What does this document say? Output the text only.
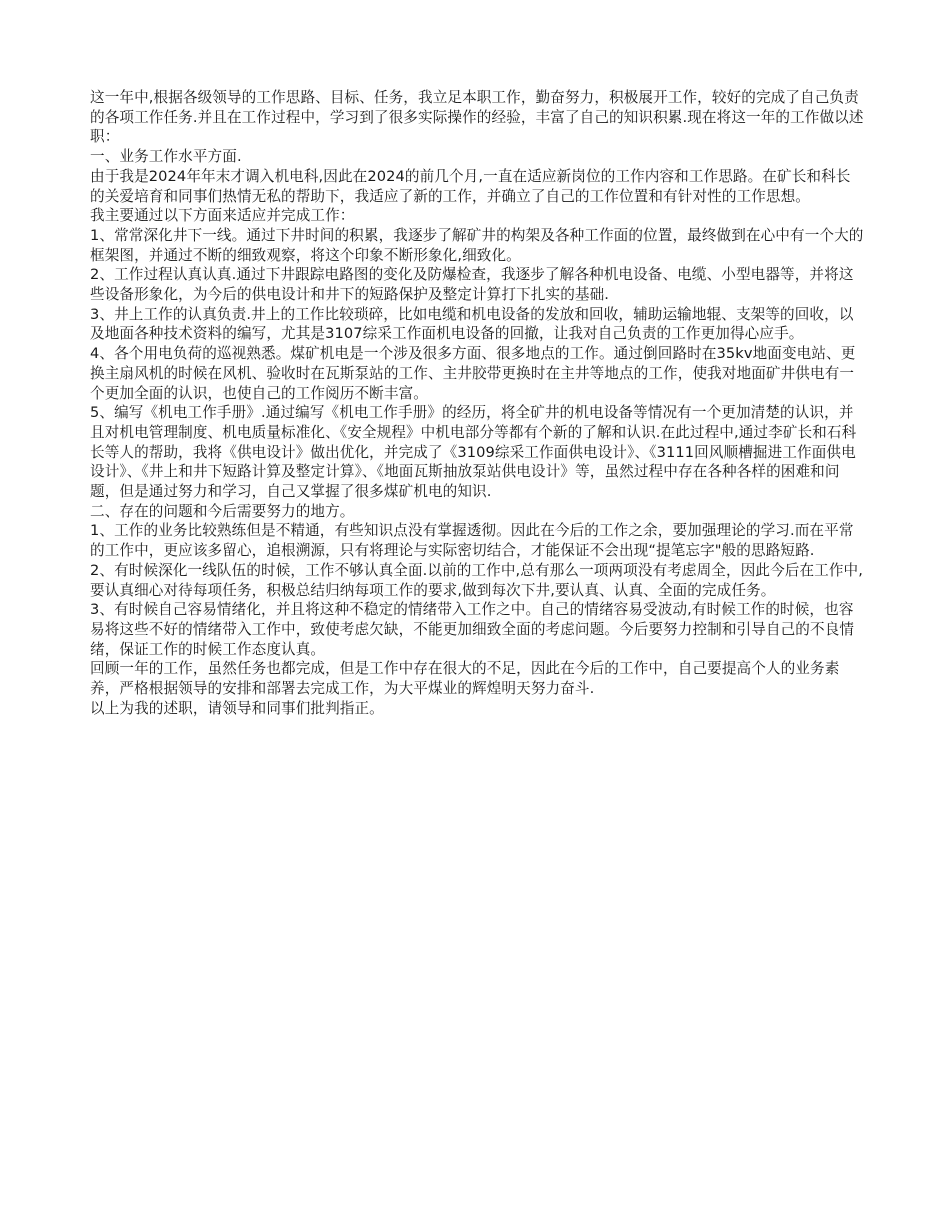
这一年中,根据各级领导的工作思路、目标、任务，我立足本职工作，勤奋努力，积极展开工作，较好的完成了自己负责的各项工作任务.并且在工作过程中，学习到了很多实际操作的经验，丰富了自己的知识积累.现在将这一年的工作做以述职：

一、业务工作水平方面.

由于我是2024年年末才调入机电科,因此在2024的前几个月,一直在适应新岗位的工作内容和工作思路。在矿长和科长的关爱培育和同事们热情无私的帮助下，我适应了新的工作，并确立了自己的工作位置和有针对性的工作思想。

我主要通过以下方面来适应并完成工作：

1、常常深化井下一线。通过下井时间的积累，我逐步了解矿井的构架及各种工作面的位置，最终做到在心中有一个大的框架图，并通过不断的细致观察，将这个印象不断形象化,细致化。

2、工作过程认真认真.通过下井跟踪电路图的变化及防爆检查，我逐步了解各种机电设备、电缆、小型电器等，并将这些设备形象化，为今后的供电设计和井下的短路保护及整定计算打下扎实的基础.

3、井上工作的认真负责.井上的工作比较琐碎，比如电缆和机电设备的发放和回收，辅助运输地辊、支架等的回收，以及地面各种技术资料的编写，尤其是3107综采工作面机电设备的回撤，让我对自己负责的工作更加得心应手。

4、各个用电负荷的巡视熟悉。煤矿机电是一个涉及很多方面、很多地点的工作。通过倒回路时在35kv地面变电站、更换主扇风机的时候在风机、验收时在瓦斯泵站的工作、主井胶带更换时在主井等地点的工作，使我对地面矿井供电有一个更加全面的认识，也使自己的工作阅历不断丰富。

5、编写《机电工作手册》.通过编写《机电工作手册》的经历，将全矿井的机电设备等情况有一个更加清楚的认识，并且对机电管理制度、机电质量标准化、《安全规程》中机电部分等都有个新的了解和认识.在此过程中,通过李矿长和石科长等人的帮助，我将《供电设计》做出优化，并完成了《3109综采工作面供电设计》、《3111回风顺槽掘进工作面供电设计》、《井上和井下短路计算及整定计算》、《地面瓦斯抽放泵站供电设计》等，虽然过程中存在各种各样的困难和问题，但是通过努力和学习，自己又掌握了很多煤矿机电的知识.

二、存在的问题和今后需要努力的地方。

1、工作的业务比较熟练但是不精通，有些知识点没有掌握透彻。因此在今后的工作之余，要加强理论的学习.而在平常的工作中，更应该多留心，追根溯源，只有将理论与实际密切结合，才能保证不会出现“提笔忘字"般的思路短路.

2、有时候深化一线队伍的时候，工作不够认真全面.以前的工作中,总有那么一项两项没有考虑周全，因此今后在工作中,要认真细心对待每项任务，积极总结归纳每项工作的要求,做到每次下井,要认真、认真、全面的完成任务。

3、有时候自己容易情绪化，并且将这种不稳定的情绪带入工作之中。自己的情绪容易受波动,有时候工作的时候，也容易将这些不好的情绪带入工作中，致使考虑欠缺，不能更加细致全面的考虑问题。今后要努力控制和引导自己的不良情绪，保证工作的时候工作态度认真。

回顾一年的工作，虽然任务也都完成，但是工作中存在很大的不足，因此在今后的工作中，自己要提高个人的业务素养，严格根据领导的安排和部署去完成工作，为大平煤业的辉煌明天努力奋斗.

以上为我的述职，请领导和同事们批判指正。
